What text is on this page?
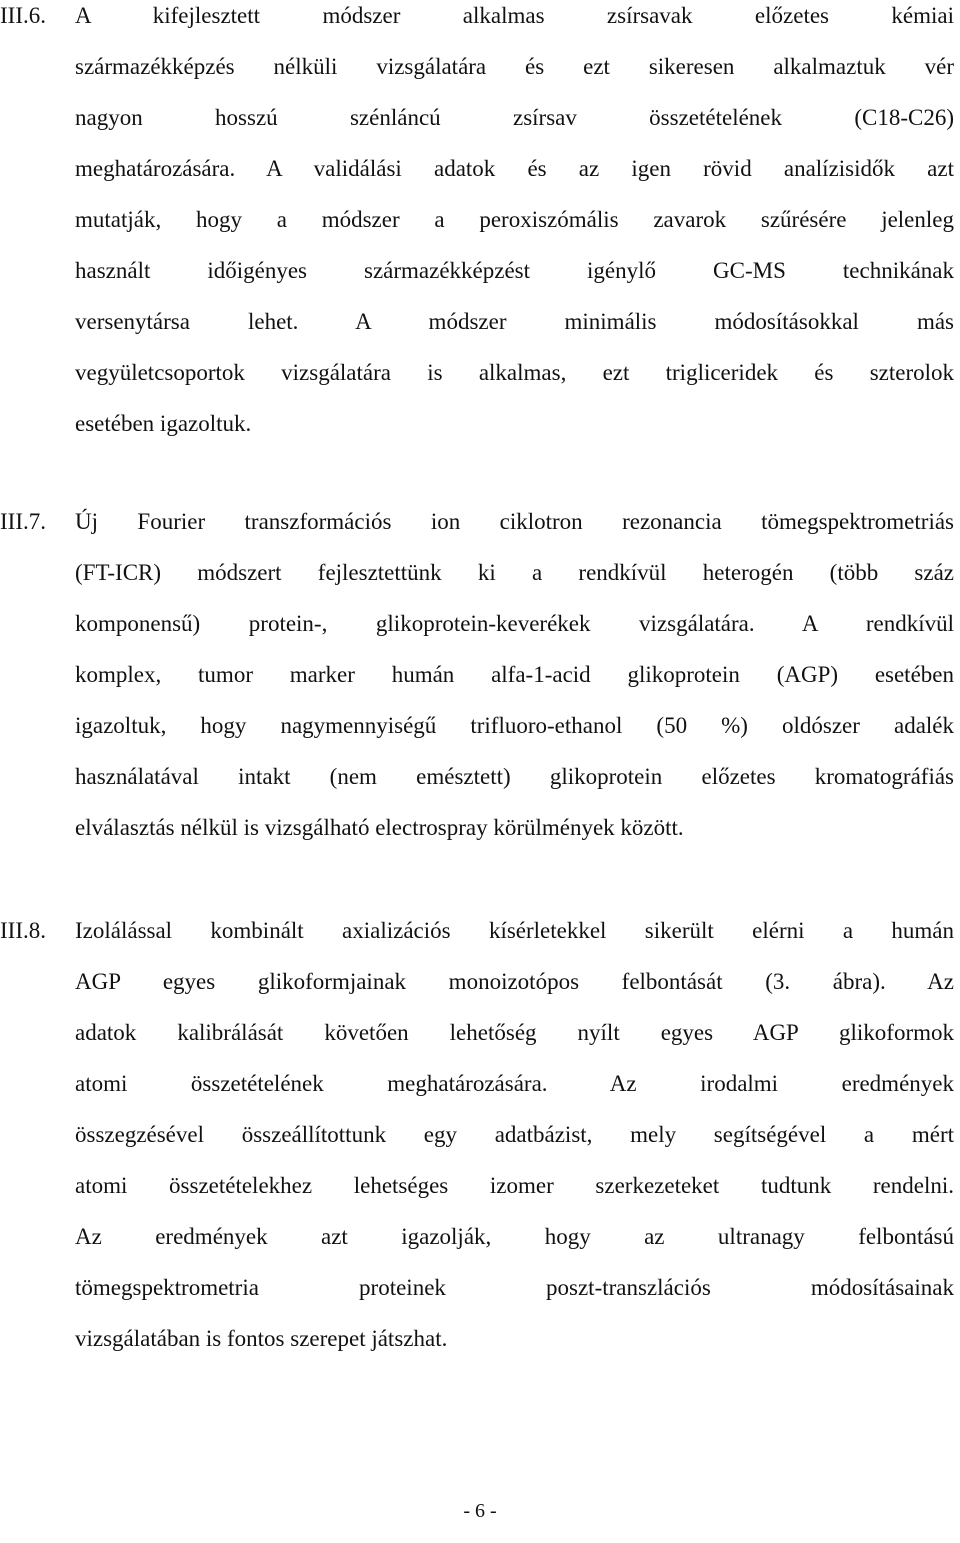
III.6. A kifejlesztett módszer alkalmas zsírsavak előzetes kémiai
származékképzés nélküli vizsgálatára és ezt sikeresen alkalmaztuk vér
nagyon hosszú szénláncú zsírsav összetételének (C18-C26)
meghatározására. A validálási adatok és az igen rövid analízisidők azt
mutatják, hogy a módszer a peroxiszómális zavarok szűrésére jelenleg
használt időigényes származékképzést igénylő GC-MS technikának
versenytársa lehet. A módszer minimális módosításokkal más
vegyületcsoportok vizsgálatára is alkalmas, ezt trigliceridek és szterolok
esetében igazoltuk.
III.7. Új Fourier transzformációs ion ciklotron rezonancia tömegspektrometriás
(FT-ICR) módszert fejlesztettünk ki a rendkívül heterogén (több száz
komponensű) protein-, glikoprotein-keverékek vizsgálatára. A rendkívül
komplex, tumor marker humán alfa-1-acid glikoprotein (AGP) esetében
igazoltuk, hogy nagymennyiségű trifluoro-ethanol (50 %) oldószer adalék
használatával intakt (nem emésztett) glikoprotein előzetes kromatográfiás
elválasztás nélkül is vizsgálható electrospray körülmények között.
III.8. Izolálással kombinált axializációs kísérletekkel sikerült elérni a humán
AGP egyes glikoformjainak monoizotópos felbontását (3. ábra). Az
adatok kalibrálását követően lehetőség nyílt egyes AGP glikoformok
atomi összetételének meghatározására. Az irodalmi eredmények
összegzésével összeállítottunk egy adatbázist, mely segítségével a mért
atomi összetételekhez lehetséges izomer szerkezeteket tudtunk rendelni.
Az eredmények azt igazolják, hogy az ultranagy felbontású
tömegspektrometria proteinek poszt-transzlációs módosításainak
vizsgálatában is fontos szerepet játszhat.
- 6 -
